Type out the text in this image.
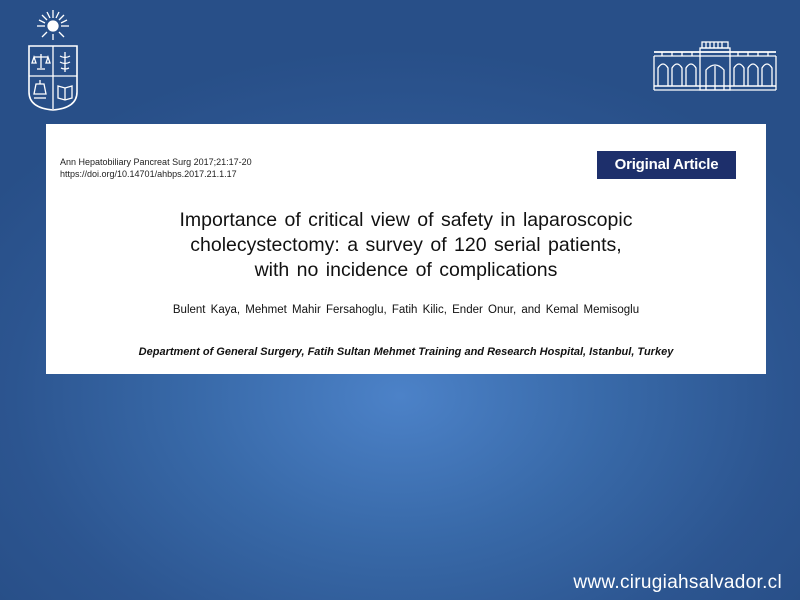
Ann Hepatobiliary Pancreat Surg 2017;21:17-20
https://doi.org/10.14701/ahbps.2017.21.1.17
Original Article
Importance of critical view of safety in laparoscopic
cholecystectomy: a survey of 120 serial patients,
with no incidence of complications
Bulent Kaya, Mehmet Mahir Fersahoglu, Fatih Kilic, Ender Onur, and Kemal Memisoglu
Department of General Surgery, Fatih Sultan Mehmet Training and Research Hospital, Istanbul, Turkey
www.cirugiahsalvador.cl
